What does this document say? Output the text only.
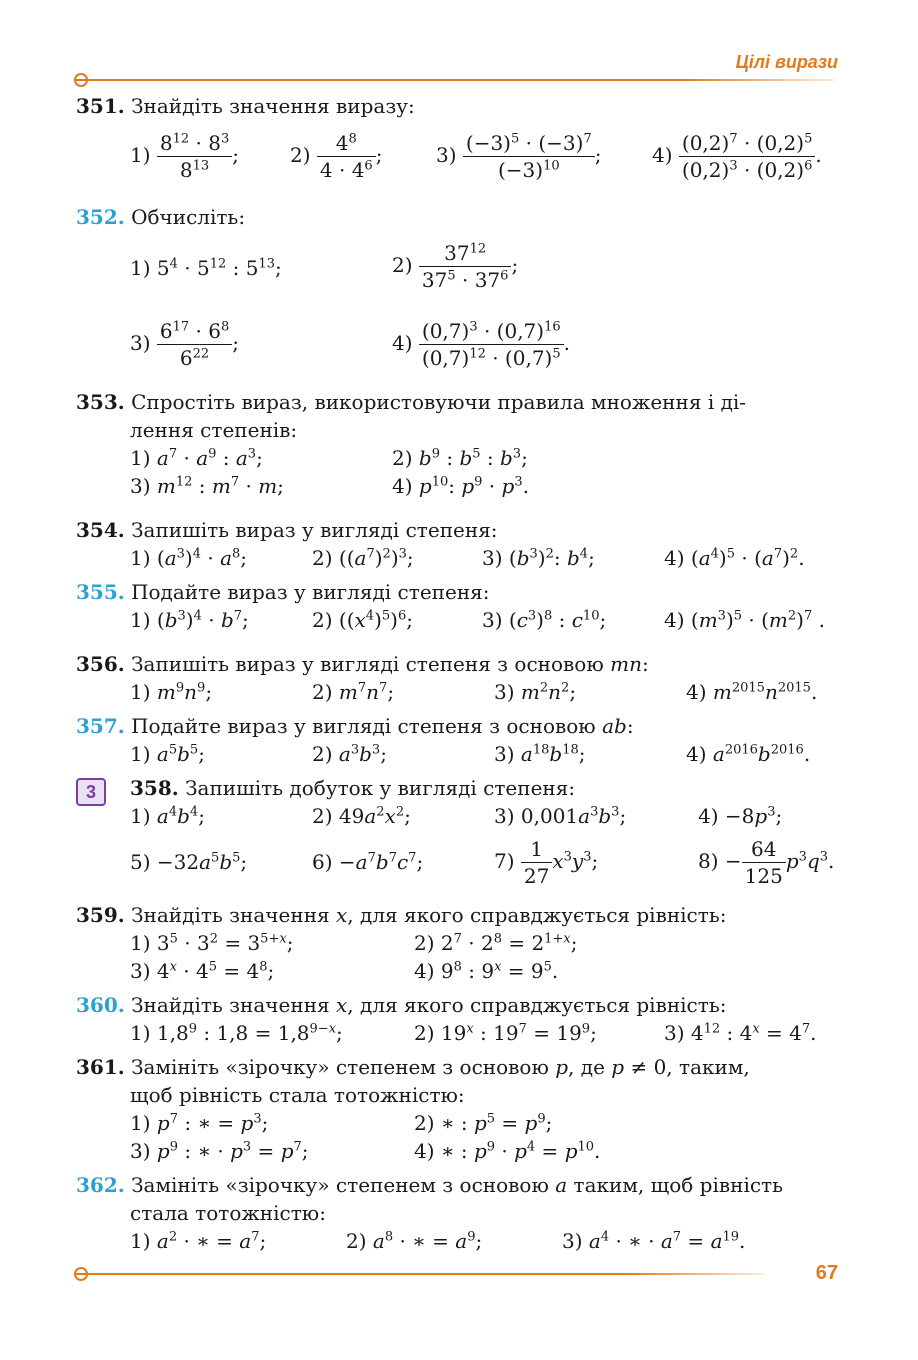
Цілі вирази
351. Знайдіть значення виразу:
$1) \frac{8^{12} \cdot 8^3}{8^{13}}$ ;	$2) \frac{4^8}{4 \cdot 4^6}$ ;	$3) \frac{(-3)^5 \cdot (-3)^7}{(-3)^{10}}$ ;	$4) \frac{(0,2)^7 \cdot (0,2)^5}{(0,2)^3 \cdot (0,2)^6}$ .
352. Обчисліть:
1) $5^4 \cdot 5^{12}$ : $5^{13}$;	$2) \frac{37^{12}}{37^5 \cdot 37^6}$ ;
$3) \frac{6^{17} \cdot 6^8}{6^{22}}$ ;	$4) \frac{(0,7)^3 \cdot (0,7)^{16}}{(0,7)^{12} \cdot (0,7)^5}$ .
353. Спростіть вираз, використовуючи правила множення і ді-
лення степенів:
1) $a^7 \cdot a^9$ : $a^3$;	2) $b^9$ : $b^5$ : $b^3$;
3) $m^{12}$ : $m^7 \cdot m$;	4) $p^{10}$: $p^9 \cdot p^3$.
354. Запишіть вираз у вигляді степеня:
1) $(a^3)^4 \cdot a^8$;	2) $((a^7)^2)^3$;	3) $(b^3)^2$: $b^4$;	4) $(a^4)^5 \cdot (a^7)^2$.
355. Подайте вираз у вигляді степеня:
1) $(b^3)^4 \cdot b^7$;	2) $((x^4)^5)^6$;	3) $(c^3)^8$ : $c^{10}$;	4) $(m^3)^5 \cdot (m^2)^7$ .
356. Запишіть вираз у вигляді степеня з основою mn:
1) $m^9n^9$;	2) $m^7n^7$;	3) $m^2n^2$;	4) $m^{2015}n^{2015}$.
357. Подайте вираз у вигляді степеня з основою ab:
1) $a^5b^5$;	2) $a^3b^3$;	3) $a^{18}b^{18}$;	4) $a^{2016}b^{2016}$.
3	358. Запишіть добуток у вигляді степеня:
1) $a^4b^4$;	2) $49a^2x^2$;	3) $0,001a^3b^3$;	$4) -8p^3$;
$5) -32a^5b^5$;	$6) -a^7b^7c^7$;	$7) \frac{1}{27} x^3y^3$;	$8) - \frac{64}{125} p^3q^3$.
359. Знайдіть значення x, для якого справджується рівність:
1) $3^5 \cdot 3^2 = 3^{5+x}$;	2) $2^7 \cdot 2^8 = 2^{1+x}$;
3) $4^x \cdot 4^5 = 4^8$;	4) $9^8$ : $9^x = 9^5$.
360. Знайдіть значення x, для якого справджується рівність:
1) $1,8^9$ : $1,8 = 1,8^{9-x}$;	2) 19$^x$ : $19^7 = 19^9$;	3) $4^{12}$ : $4^x = 4^7$.
361. Замініть «зірочку» степенем з основою p, де p ≠ 0, таким,
щоб рівність стала тотожністю:
1) $p^7$ : ∗ = $p^3$;	2) ∗ : $p^5 = p^9$;
3) $p^9$ : ∗ · $p^3 = p^7$;	4) ∗ : $p^9 \cdot p^4 = p^{10}$.
362. Замініть «зірочку» степенем з основою a таким, щоб рівність
стала тотожністю:
1) $a^2$ · ∗ = $a^7$;	2) $a^8$ · ∗ = $a^9$;	3) $a^4$ · ∗ · $a^7 = a^{19}$.
67
